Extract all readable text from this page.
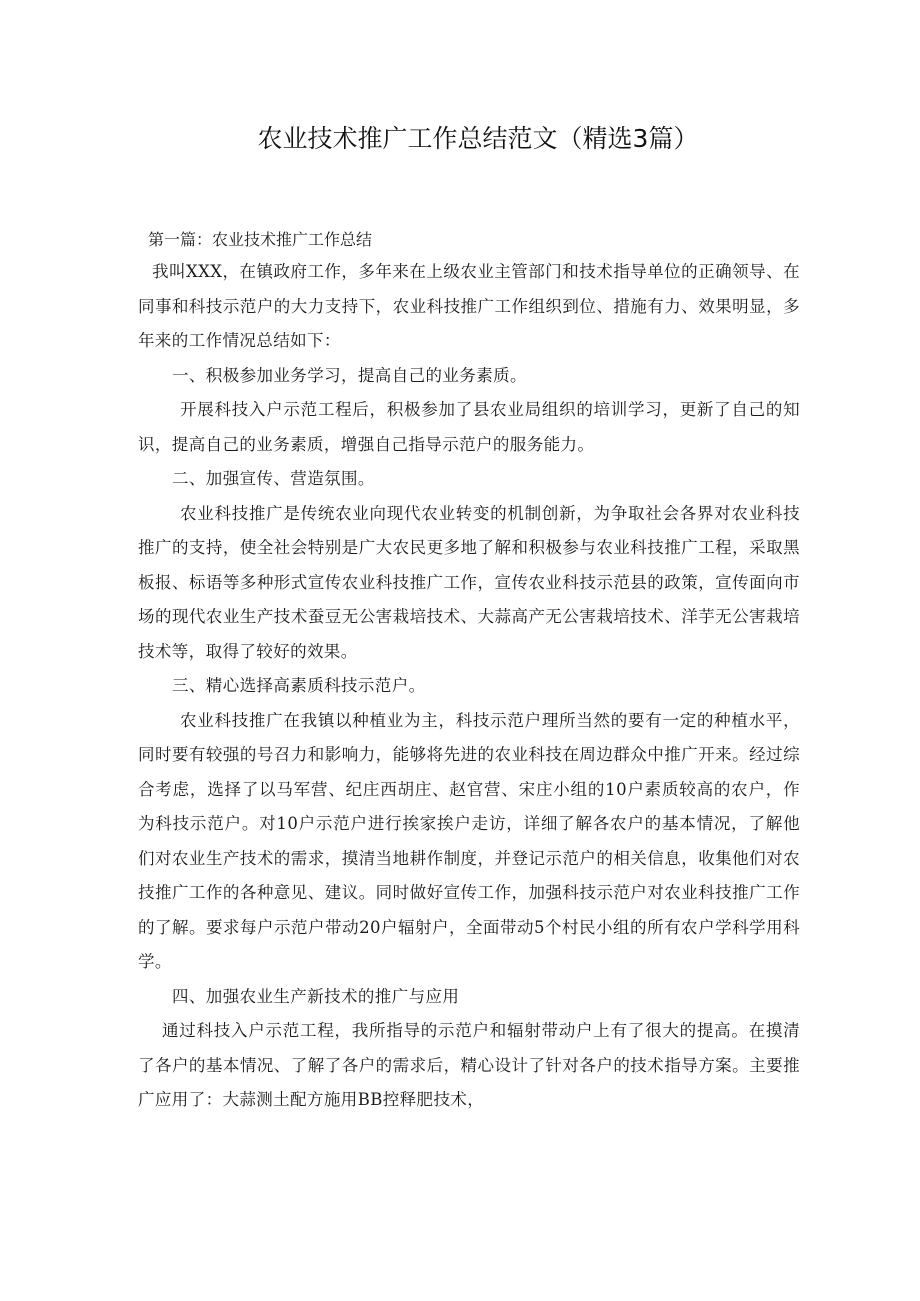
农业技术推广工作总结范文（精选3篇）
第一篇：农业技术推广工作总结

我叫XXX，在镇政府工作，多年来在上级农业主管部门和技术指导单位的正确领导、在同事和科技示范户的大力支持下，农业科技推广工作组织到位、措施有力、效果明显，多年来的工作情况总结如下：

一、积极参加业务学习，提高自己的业务素质。

开展科技入户示范工程后，积极参加了县农业局组织的培训学习，更新了自己的知识，提高自己的业务素质，增强自己指导示范户的服务能力。

二、加强宣传、营造氛围。

农业科技推广是传统农业向现代农业转变的机制创新，为争取社会各界对农业科技推广的支持，使全社会特别是广大农民更多地了解和积极参与农业科技推广工程，采取黑板报、标语等多种形式宣传农业科技推广工作，宣传农业科技示范县的政策，宣传面向市场的现代农业生产技术蚕豆无公害栽培技术、大蒜高产无公害栽培技术、洋芋无公害栽培技术等，取得了较好的效果。

三、精心选择高素质科技示范户。

农业科技推广在我镇以种植业为主，科技示范户理所当然的要有一定的种植水平，同时要有较强的号召力和影响力，能够将先进的农业科技在周边群众中推广开来。经过综合考虑，选择了以马军营、纪庄西胡庄、赵官营、宋庄小组的10户素质较高的农户，作为科技示范户。对10户示范户进行挨家挨户走访，详细了解各农户的基本情况，了解他们对农业生产技术的需求，摸清当地耕作制度，并登记示范户的相关信息，收集他们对农技推广工作的各种意见、建议。同时做好宣传工作，加强科技示范户对农业科技推广工作的了解。要求每户示范户带动20户辐射户，全面带动5个村民小组的所有农户学科学用科学。

四、加强农业生产新技术的推广与应用

通过科技入户示范工程，我所指导的示范户和辐射带动户上有了很大的提高。在摸清了各户的基本情况、了解了各户的需求后，精心设计了针对各户的技术指导方案。主要推广应用了：大蒜测土配方施用BB控释肥技术，
